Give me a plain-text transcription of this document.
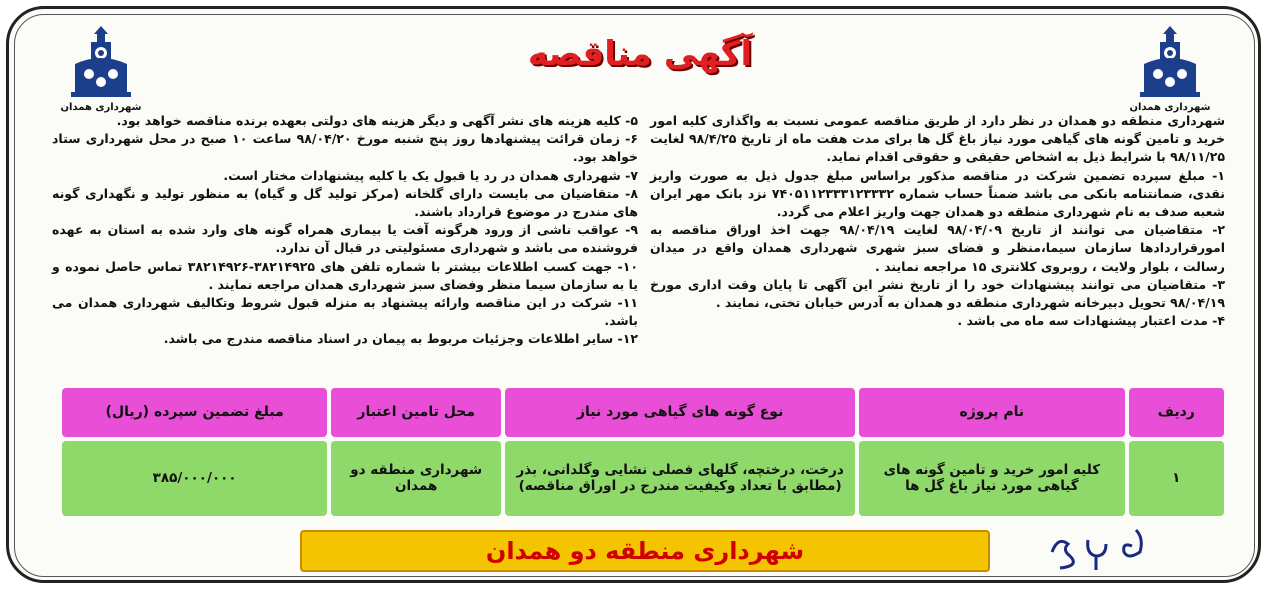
شهرداری همدان
شهرداری همدان
آگهی مناقصه

شهرداری منطقه دو همدان در نظر دارد از طریق مناقصه عمومی نسبت به واگذاری کلیه امور خرید و تامین گونه های گیاهی مورد نیاز باغ گل ها برای مدت هفت ماه از تاریخ ۹۸/۴/۲۵ لغایت ۹۸/۱۱/۲۵ با شرایط ذیل به اشخاص حقیقی و حقوقی اقدام نماید.

۱- مبلغ سپرده تضمین شرکت در مناقصه مذکور براساس مبلغ جدول ذیل به صورت واریز نقدی، ضمانتنامه بانکی می باشد ضمناً حساب شماره ۷۴۰۵۱۱۲۳۳۳۱۲۳۳۳۲ نزد بانک مهر ایران شعبه صدف به نام شهرداری منطقه دو همدان جهت واریز اعلام می گردد.

۲- متقاضیان می توانند از تاریخ ۹۸/۰۴/۰۹ لغایت ۹۸/۰۴/۱۹ جهت اخذ اوراق مناقصه به امورقراردادها سازمان سیما،منظر و فضای سبز شهری شهرداری همدان واقع در میدان رسالت ، بلوار ولایت ، روبروی کلانتری ۱۵ مراجعه نمایند .

۳- متقاضیان می توانند پیشنهادات خود را از تاریخ نشر این آگهی تا پایان وقت اداری مورخ ۹۸/۰۴/۱۹ تحویل دبیرخانه شهرداری منطقه دو همدان به آدرس خیابان تختی، نمایند .

۴- مدت اعتبار پیشنهادات سه ماه می باشد .

۵- کلیه هزینه های نشر آگهی و دیگر هزینه های دولتی بعهده برنده مناقصه خواهد بود.

۶- زمان قرائت پیشنهادها روز پنج شنبه مورخ ۹۸/۰۴/۲۰ ساعت ۱۰ صبح در محل شهرداری ستاد خواهد بود.

۷- شهرداری همدان در رد یا قبول یک یا کلیه پیشنهادات مختار است.

۸- متقاضیان می بایست دارای گلخانه (مرکز تولید گل و گیاه) به منظور تولید و نگهداری گونه های مندرج در موضوع قرارداد باشند.

۹- عواقب ناشی از ورود هرگونه آفت یا بیماری همراه گونه های وارد شده به استان به عهده فروشنده می باشد و شهرداری مسئولیتی در قبال آن ندارد.

۱۰- جهت کسب اطلاعات بیشتر با شماره تلفن های ۳۸۲۱۴۹۲۵-۳۸۲۱۴۹۲۶ تماس حاصل نموده و یا به سازمان سیما منظر وفضای سبز شهرداری همدان مراجعه نمایند .

۱۱- شرکت در این مناقصه وارائه پیشنهاد به منزله قبول شروط وتکالیف شهرداری همدان می باشد.

۱۲- سایر اطلاعات وجزئیات مربوط به پیمان در اسناد مناقصه مندرج می باشد.

ردیف	نام پروژه	نوع گونه های گیاهی مورد نیاز	محل تامین اعتبار	مبلغ تضمین سپرده (ریال)
۱	کلیه امور خرید و تامین گونه های گیاهی مورد نیاز باغ گل ها	درخت، درختچه، گلهای فصلی نشایی وگلدانی، بذر (مطابق با تعداد وکیفیت مندرج در اوراق مناقصه)	شهرداری منطقه دو همدان	۳۸۵/۰۰۰/۰۰۰
شهرداری منطقه دو همدان
